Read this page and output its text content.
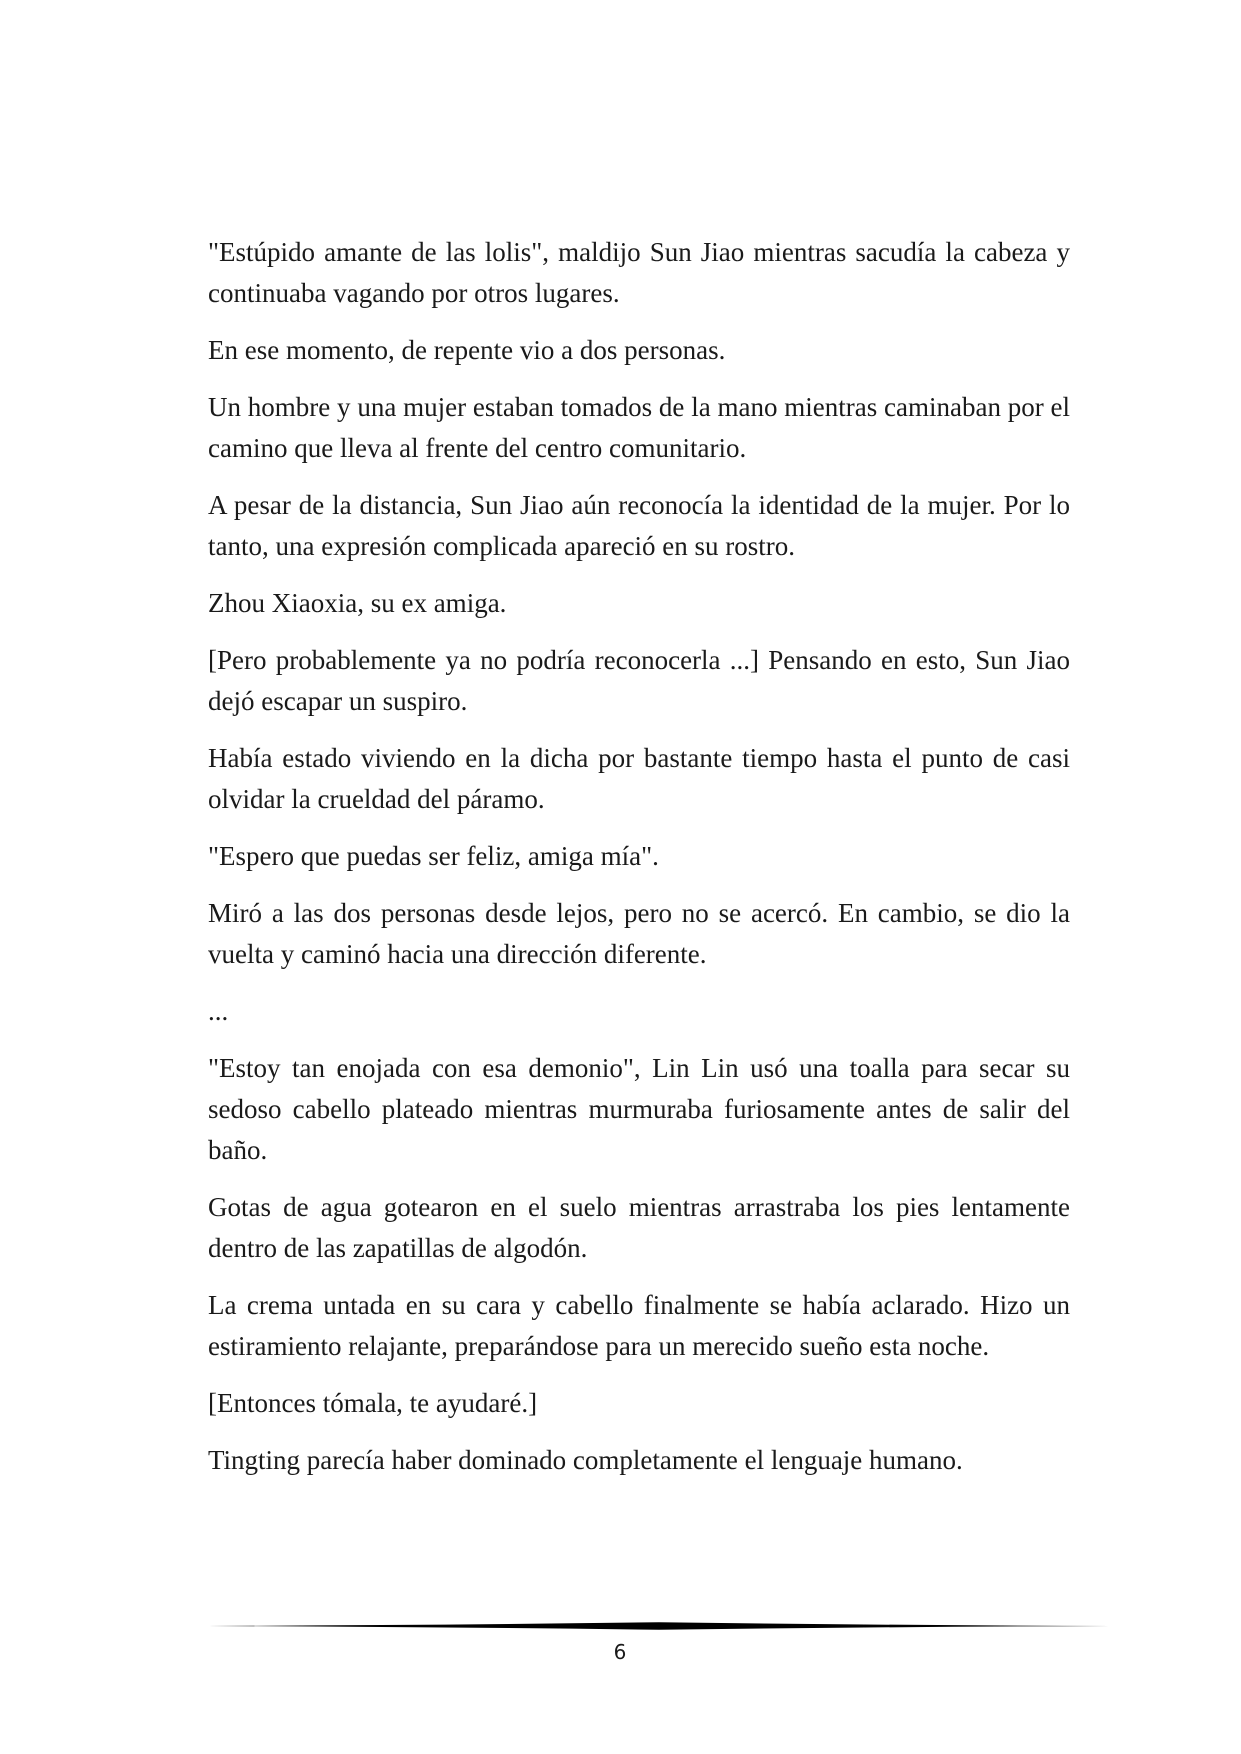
"Estúpido amante de las lolis", maldijo Sun Jiao mientras sacudía la cabeza y continuaba vagando por otros lugares.

En ese momento, de repente vio a dos personas.

Un hombre y una mujer estaban tomados de la mano mientras caminaban por el camino que lleva al frente del centro comunitario.

A pesar de la distancia, Sun Jiao aún reconocía la identidad de la mujer. Por lo tanto, una expresión complicada apareció en su rostro.

Zhou Xiaoxia, su ex amiga.

[Pero probablemente ya no podría reconocerla ...] Pensando en esto, Sun Jiao dejó escapar un suspiro.

Había estado viviendo en la dicha por bastante tiempo hasta el punto de casi olvidar la crueldad del páramo.

"Espero que puedas ser feliz, amiga mía".

Miró a las dos personas desde lejos, pero no se acercó. En cambio, se dio la vuelta y caminó hacia una dirección diferente.

...

"Estoy tan enojada con esa demonio", Lin Lin usó una toalla para secar su sedoso cabello plateado mientras murmuraba furiosamente antes de salir del baño.

Gotas de agua gotearon en el suelo mientras arrastraba los pies lentamente dentro de las zapatillas de algodón.

La crema untada en su cara y cabello finalmente se había aclarado. Hizo un estiramiento relajante, preparándose para un merecido sueño esta noche.

[Entonces tómala, te ayudaré.]

Tingting parecía haber dominado completamente el lenguaje humano.

6
